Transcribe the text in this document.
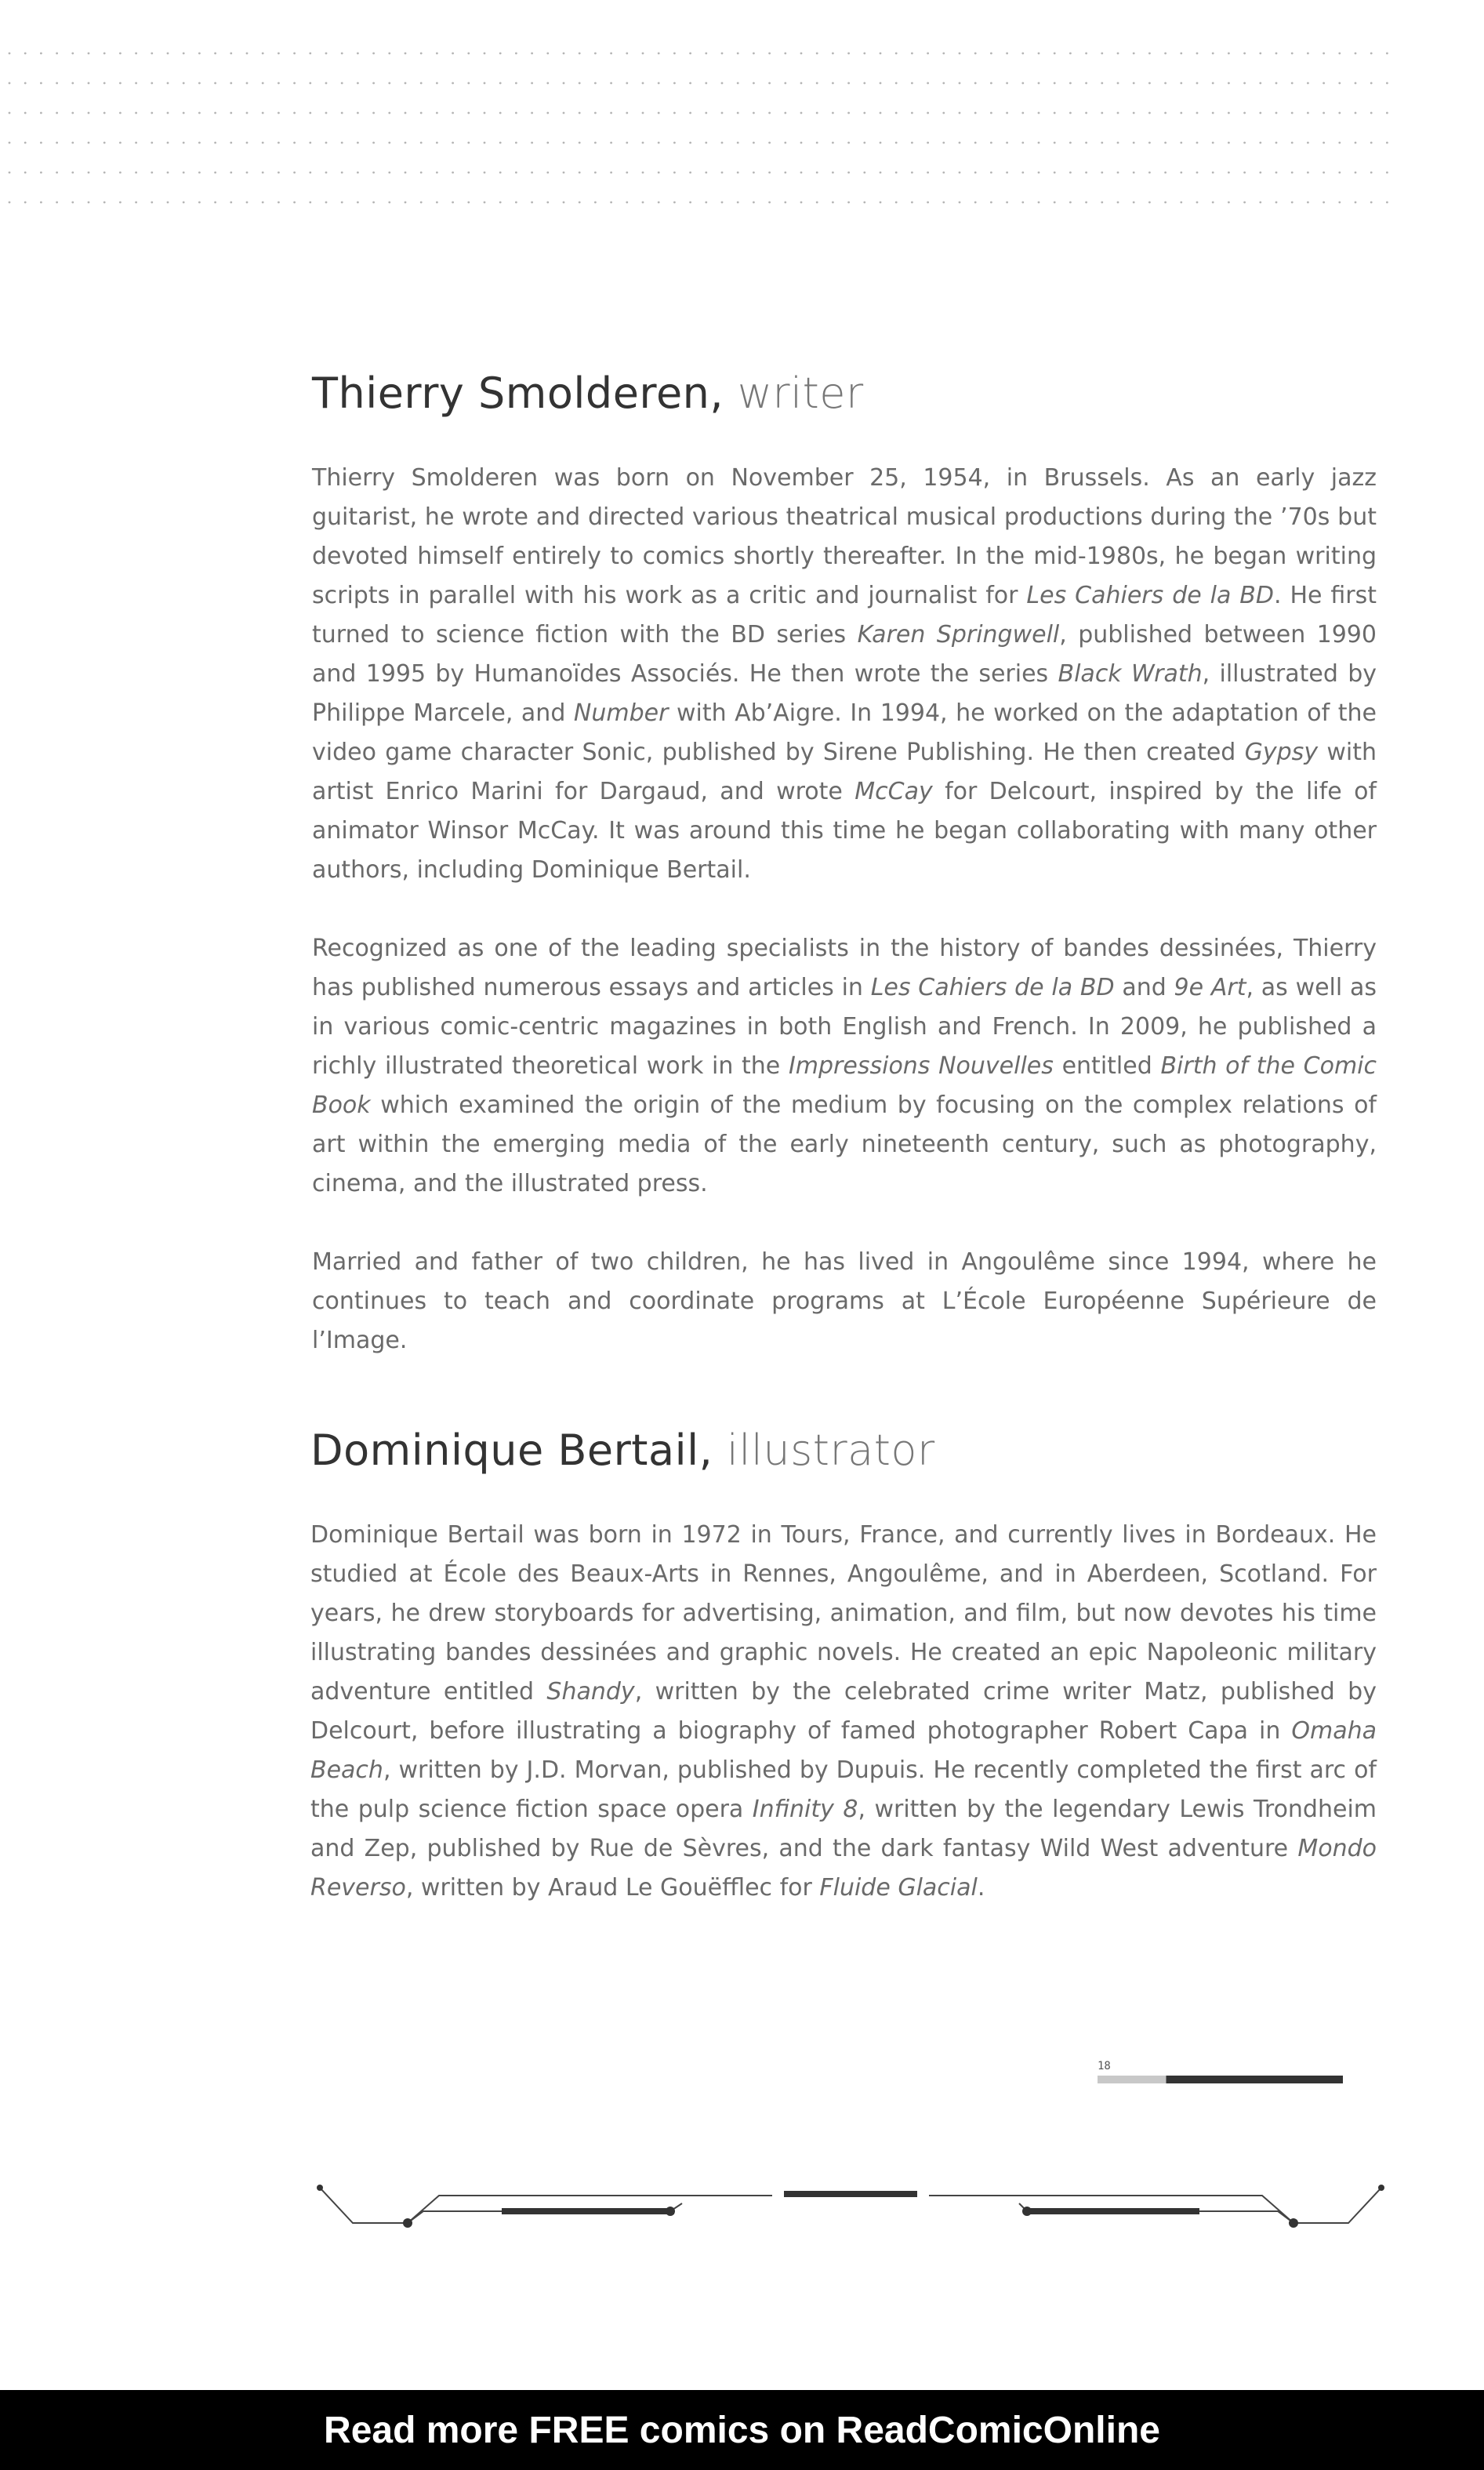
Thierry Smolderen, writer

Thierry Smolderen was born on November 25, 1954, in Brussels. As an early jazz guitarist, he wrote and directed various theatrical musical productions during the ’70s but devoted himself entirely to comics shortly thereafter. In the mid-1980s, he began writing scripts in parallel with his work as a critic and journalist for Les Cahiers de la BD. He first turned to science fiction with the BD series Karen Springwell, published between 1990 and 1995 by Humanoïdes Associés. He then wrote the series Black Wrath, illustrated by Philippe Marcele, and Number with Ab’Aigre. In 1994, he worked on the adaptation of the video game character Sonic, published by Sirene Publishing. He then created Gypsy with artist Enrico Marini for Dargaud, and wrote McCay for Delcourt, inspired by the life of animator Winsor McCay. It was around this time he began collaborating with many other authors, including Dominique Bertail.

Recognized as one of the leading specialists in the history of bandes dessinées, Thierry has published numerous essays and articles in Les Cahiers de la BD and 9e Art, as well as in various comic-centric magazines in both English and French. In 2009, he published a richly illustrated theoretical work in the Impressions Nouvelles entitled Birth of the Comic Book which examined the origin of the medium by focusing on the complex relations of art within the emerging media of the early nineteenth century, such as photography, cinema, and the illustrated press.

Married and father of two children, he has lived in Angoulême since 1994, where he continues to teach and coordinate programs at L’École Européenne Supérieure de l’Image.

Dominique Bertail, illustrator

Dominique Bertail was born in 1972 in Tours, France, and currently lives in Bordeaux. He studied at École des Beaux-Arts in Rennes, Angoulême, and in Aberdeen, Scotland. For years, he drew storyboards for advertising, animation, and film, but now devotes his time illustrating bandes dessinées and graphic novels. He created an epic Napoleonic military adventure entitled Shandy, written by the celebrated crime writer Matz, published by Delcourt, before illustrating a biography of famed photographer Robert Capa in Omaha Beach, written by J.D. Morvan, published by Dupuis. He recently completed the first arc of the pulp science fiction space opera Infinity 8, written by the legendary Lewis Trondheim and Zep, published by Rue de Sèvres, and the dark fantasy Wild West adventure Mondo Reverso, written by Araud Le Gouëfflec for Fluide Glacial.

18
Read more FREE comics on ReadComicOnline
